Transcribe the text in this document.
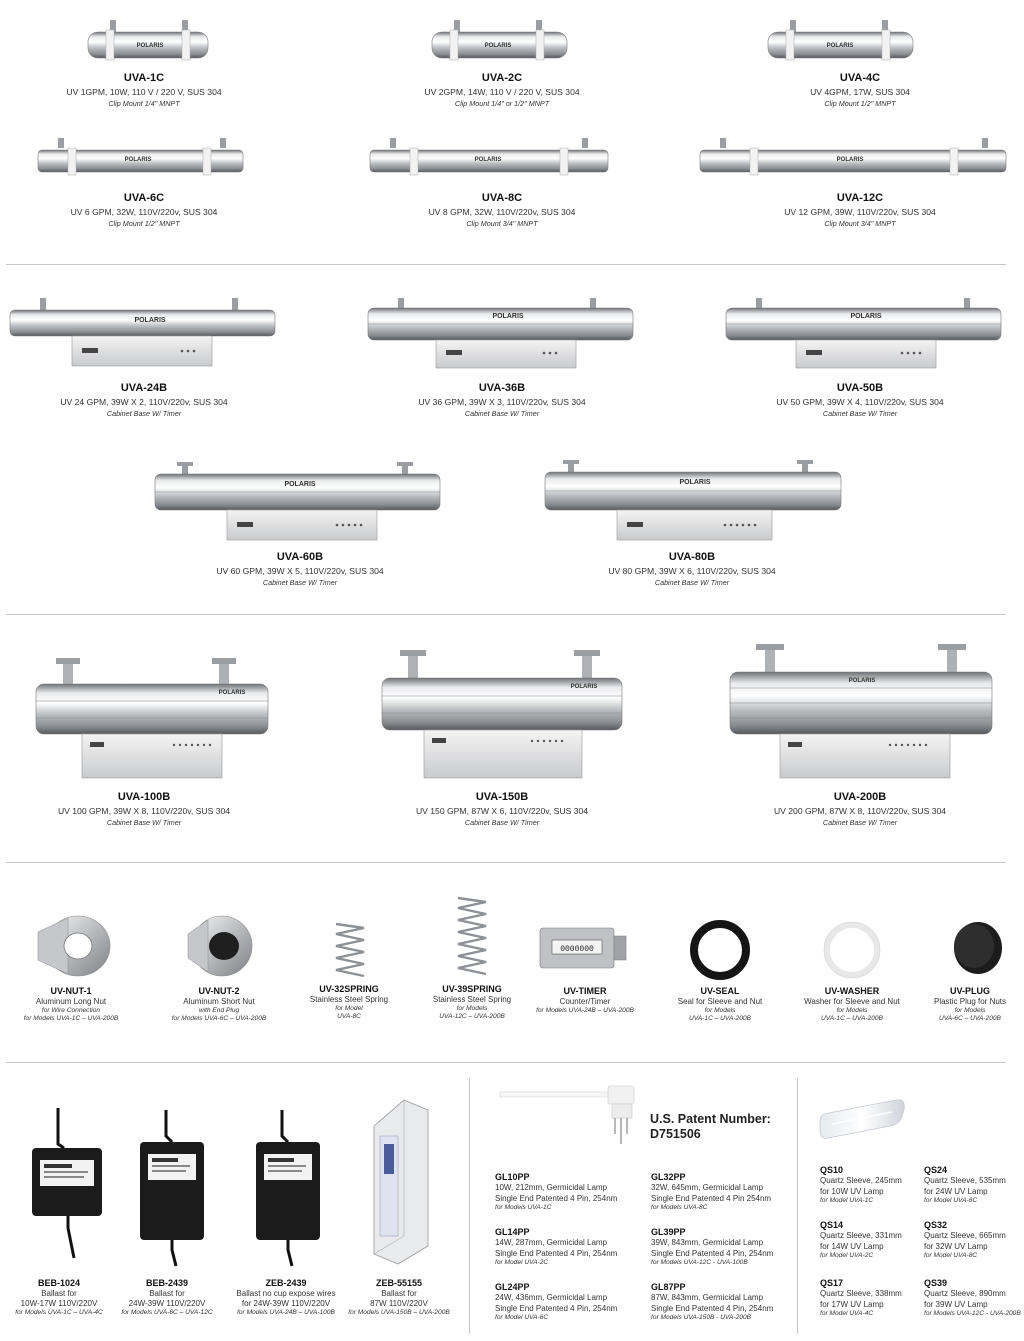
POLARIS
UVA-1C
UV 1GPM, 10W, 110 V / 220 V, SUS 304
Clip Mount 1/4" MNPT
POLARIS
UVA-2C
UV 2GPM, 14W, 110 V / 220 V, SUS 304
Clip Mount 1/4" or 1/2" MNPT
POLARIS
UVA-4C
UV 4GPM, 17W, SUS 304
Clip Mount 1/2" MNPT
POLARIS
UVA-6C
UV 6 GPM, 32W, 110V/220v, SUS 304
Clip Mount 1/2" MNPT
POLARIS
UVA-8C
UV 8 GPM, 32W, 110V/220v, SUS 304
Clip Mount 3/4" MNPT
POLARIS
UVA-12C
UV 12 GPM, 39W, 110V/220v, SUS 304
Clip Mount 3/4" MNPT
POLARIS
UVA-24B
UV 24 GPM, 39W X 2, 110V/220v, SUS 304
Cabinet Base W/ Timer
POLARIS
UVA-36B
UV 36 GPM, 39W X 3, 110V/220v, SUS 304
Cabinet Base W/ Timer
POLARIS
UVA-50B
UV 50 GPM, 39W X 4, 110V/220v, SUS 304
Cabinet Base W/ Timer
POLARIS
UVA-60B
UV 60 GPM, 39W X 5, 110V/220v, SUS 304
Cabinet Base W/ Timer
POLARIS
UVA-80B
UV 80 GPM, 39W X 6, 110V/220v, SUS 304
Cabinet Base W/ Timer
POLARIS
UVA-100B
UV 100 GPM, 39W X 8, 110V/220v, SUS 304
Cabinet Base W/ Timer
POLARIS
UVA-150B
UV 150 GPM, 87W X 6, 110V/220v, SUS 304
Cabinet Base W/ Timer
POLARIS
UVA-200B
UV 200 GPM, 87W X 8, 110V/220v, SUS 304
Cabinet Base W/ Timer
UV-NUT-1
Aluminum Long Nut
for Wire Connection
for Models UVA-1C – UVA-200B
UV-NUT-2
Aluminum Short Nut
with End Plug
for Models UVA-6C – UVA-200B
UV-32SPRING
Stainless Steel Spring
for Model
UVA-8C
UV-39SPRING
Stainless Steel Spring
for Models
UVA-12C – UVA-200B
0000000
UV-TIMER
Counter/Timer
for Models UVA-24B – UVA-200B
UV-SEAL
Seal for Sleeve and Nut
for Models
UVA-1C – UVA-200B
UV-WASHER
Washer for Sleeve and Nut
for Models
UVA-1C – UVA-200B
UV-PLUG
Plastic Plug for Nuts
for Models
UVA-6C – UVA-200B
BEB-1024
Ballast for
10W-17W 110V/220V
for Models UVA-1C – UVA-4C
BEB-2439
Ballast for
24W-39W 110V/220V
for Models UVA-6C – UVA-12C
ZEB-2439
Ballast no cup expose wires
for 24W-39W 110V/220V
for Models UVA-24B – UVA-100B
ZEB-55155
Ballast for
87W 110V/220V
for Models UVA-150B – UVA-200B
U.S. Patent Number:
D751506
GL10PP
10W, 212mm, Germicidal Lamp
Single End Patented 4 Pin, 254nm
for Models UVA-1C
GL32PP
32W, 645mm, Germicidal Lamp
Single End Patented 4 Pin 254nm
for Models UVA-8C
GL14PP
14W, 287mm, Germicidal Lamp
Single End Patented 4 Pin, 254nm
for Model UVA-2C
GL39PP
39W, 843mm, Germicidal Lamp
Single End Patented 4 Pin, 254nm
for Models UVA-12C - UVA-100B
GL24PP
24W, 436mm, Germicidal Lamp
Single End Patented 4 Pin, 254nm
for Model UVA-6C
GL87PP
87W, 843mm, Germicidal Lamp
Single End Patented 4 Pin, 254nm
for Models UVA-150B - UVA-200B
QS10
Quartz Sleeve, 245mm
for 10W UV Lamp
for Model UVA-1C
QS24
Quartz Sleeve, 535mm
for 24W UV Lamp
for Model UVA-6C
QS14
Quartz Sleeve, 331mm
for 14W UV Lamp
for Model UVA-2C
QS32
Quartz Sleeve, 665mm
for 32W UV Lamp
for Model UVA-8C
QS17
Quartz Sleeve, 338mm
for 17W UV Lamp
for Model UVA-4C
QS39
Quartz Sleeve, 890mm
for 39W UV Lamp
for Models UVA-12C - UVA-200B
